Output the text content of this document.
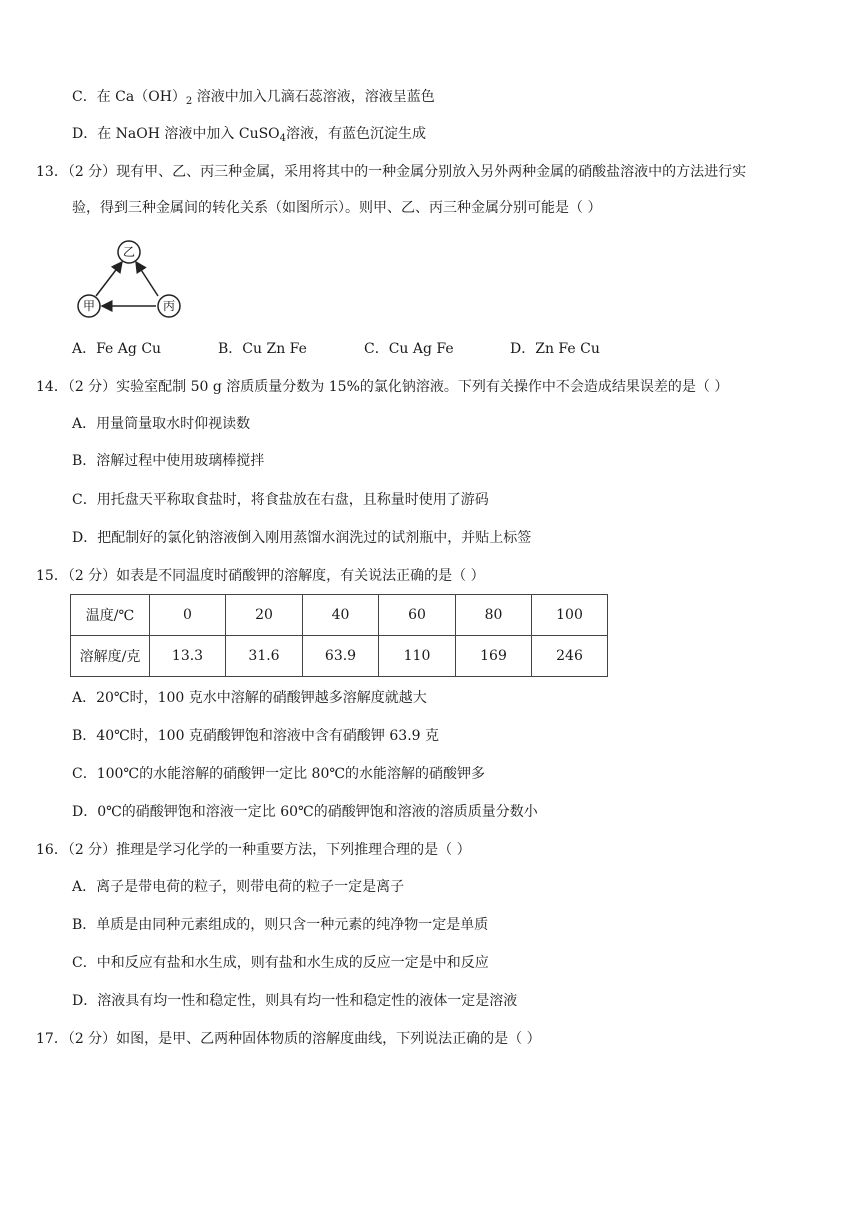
C．在 $Ca(OH)_2$ 溶液中加入几滴石蕊溶液，溶液呈蓝色
D．在 NaOH 溶液中加入 CuSO$_4$溶液，有蓝色沉淀生成
13．（2 分）现有甲、乙、丙三种金属，采用将其中的一种金属分别放入另外两种金属的硝酸盐溶液中的方法进行实
验，得到三种金属间的转化关系（如图所示）。则甲、乙、丙三种金属分别可能是（ ）
乙
甲	丙
A．Fe Ag Cu	B．Cu Zn Fe	C．Cu Ag Fe	D．Zn Fe Cu
14．（2 分）实验室配制 50 g 溶质质量分数为 15%的氯化钠溶液。下列有关操作中不会造成结果误差的是（ ）
A．用量筒量取水时仰视读数
B．溶解过程中使用玻璃棒搅拌
C．用托盘天平称取食盐时，将食盐放在右盘，且称量时使用了游码
D．把配制好的氯化钠溶液倒入刚用蒸馏水润洗过的试剂瓶中，并贴上标签
15．（2 分）如表是不同温度时硝酸钾的溶解度，有关说法正确的是（ ）
温度/℃	0	20	40	60	80	100
溶解度/克	13.3	31.6	63.9	110	169	246
A．20℃时，100 克水中溶解的硝酸钾越多溶解度就越大
B．40℃时，100 克硝酸钾饱和溶液中含有硝酸钾 63.9 克
C．100℃的水能溶解的硝酸钾一定比 80℃的水能溶解的硝酸钾多
D．0℃的硝酸钾饱和溶液一定比 60℃的硝酸钾饱和溶液的溶质质量分数小
16．（2 分）推理是学习化学的一种重要方法，下列推理合理的是（ ）
A．离子是带电荷的粒子，则带电荷的粒子一定是离子
B．单质是由同种元素组成的，则只含一种元素的纯净物一定是单质
C．中和反应有盐和水生成，则有盐和水生成的反应一定是中和反应
D．溶液具有均一性和稳定性，则具有均一性和稳定性的液体一定是溶液
17．（2 分）如图，是甲、乙两种固体物质的溶解度曲线，下列说法正确的是（ ）
